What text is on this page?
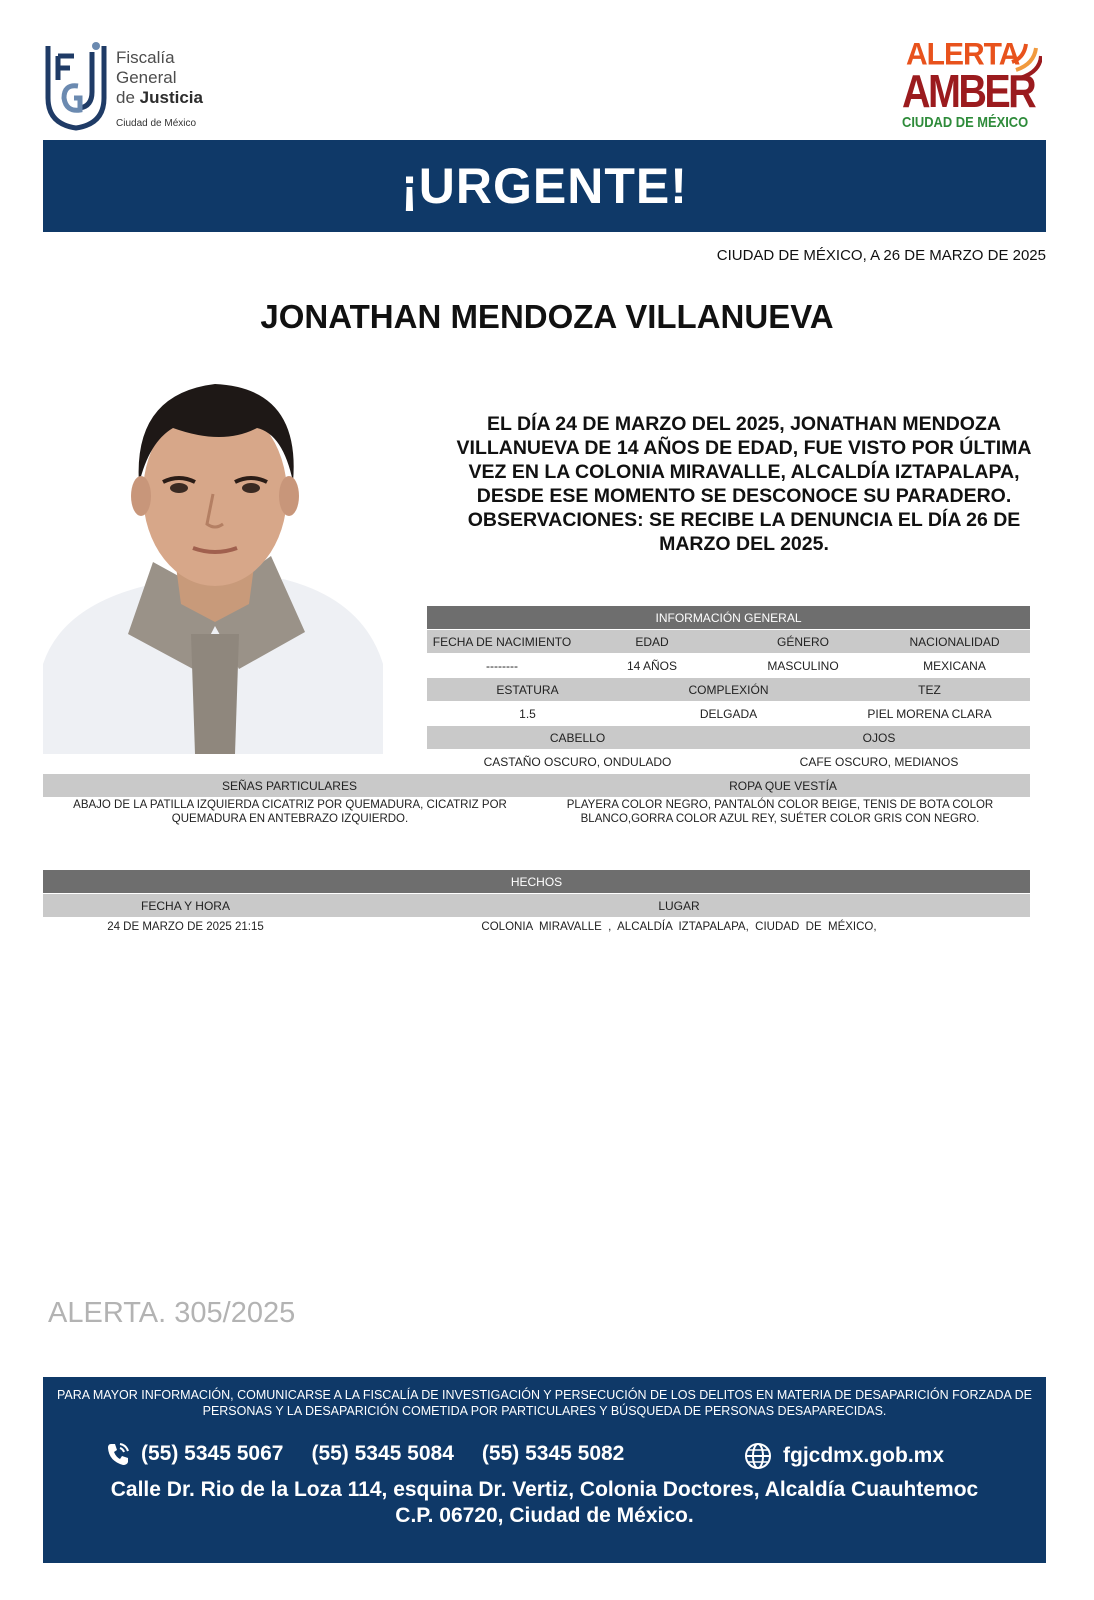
Fiscalía
General
de Justicia
Ciudad de México
ALERTA
AMBER
CIUDAD DE MÉXICO
¡URGENTE!
CIUDAD DE MÉXICO, A 26 DE MARZO DE 2025
JONATHAN MENDOZA VILLANUEVA
EL DÍA 24 DE MARZO DEL 2025, JONATHAN MENDOZA VILLANUEVA DE 14 AÑOS DE EDAD, FUE VISTO POR ÚLTIMA VEZ EN LA COLONIA MIRAVALLE, ALCALDÍA IZTAPALAPA, DESDE ESE MOMENTO SE DESCONOCE SU PARADERO. OBSERVACIONES: SE RECIBE LA DENUNCIA EL DÍA 26 DE MARZO DEL 2025.
INFORMACIÓN GENERAL
FECHA DE NACIMIENTO	EDAD	GÉNERO	NACIONALIDAD
--------	14 AÑOS	MASCULINO	MEXICANA
ESTATURA	COMPLEXIÓN	TEZ
1.5	DELGADA	PIEL MORENA CLARA
CABELLO	OJOS
CASTAÑO OSCURO, ONDULADO	CAFE OSCURO, MEDIANOS
SEÑAS PARTICULARES	ROPA QUE VESTÍA
ABAJO DE LA PATILLA IZQUIERDA CICATRIZ POR QUEMADURA, CICATRIZ POR QUEMADURA EN ANTEBRAZO IZQUIERDO.
PLAYERA COLOR NEGRO, PANTALÓN COLOR BEIGE, TENIS DE BOTA COLOR BLANCO,GORRA COLOR AZUL REY, SUÉTER COLOR GRIS CON NEGRO.
HECHOS
FECHA Y HORA	LUGAR
24 DE MARZO DE 2025 21:15	COLONIA  MIRAVALLE  ,  ALCALDÍA  IZTAPALAPA,  CIUDAD  DE  MÉXICO,
ALERTA. 305/2025
PARA MAYOR INFORMACIÓN, COMUNICARSE A LA FISCALÍA DE INVESTIGACIÓN Y PERSECUCIÓN DE LOS DELITOS EN MATERIA DE DESAPARICIÓN FORZADA DE PERSONAS Y LA DESAPARICIÓN COMETIDA POR PARTICULARES Y BÚSQUEDA DE PERSONAS DESAPARECIDAS.
(55) 5345 5067 (55) 5345 5084 (55) 5345 5082	fgjcdmx.gob.mx
Calle Dr. Rio de la Loza 114, esquina Dr. Vertiz, Colonia Doctores, Alcaldía Cuauhtemoc
C.P. 06720, Ciudad de México.
